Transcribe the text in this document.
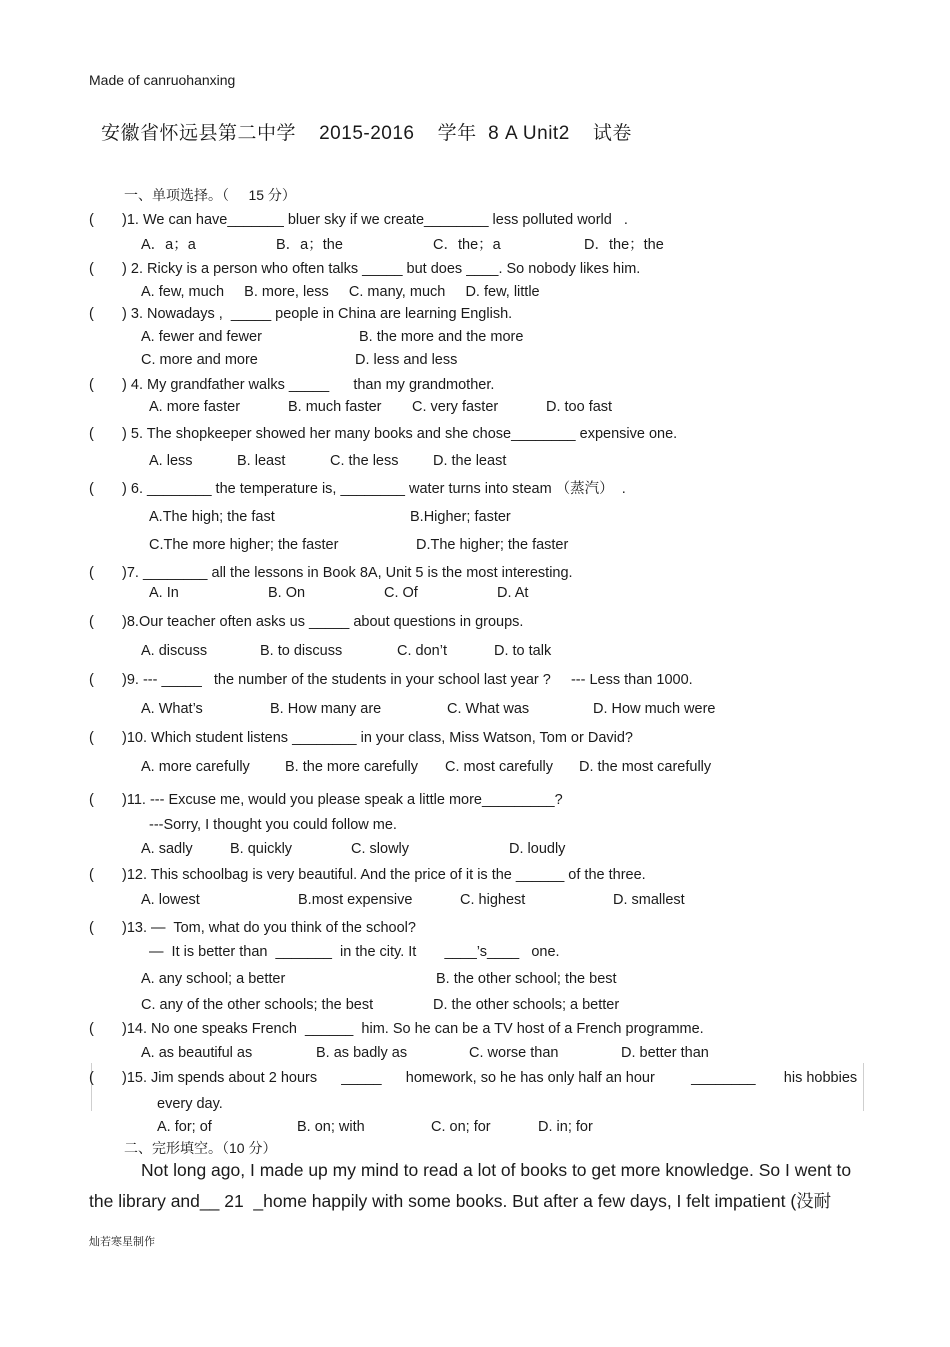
Made of canruohanxing
安徽省怀远县第二中学    2015-2016    学年  8 A Unit2    试卷
一、单项选择。（     15 分）
(       )1. We can have_______ bluer sky if we create________ less polluted world   .
A．a；a	B．a；the	C．the；a	D．the；the
(       ) 2. Ricky is a person who often talks _____ but does ____. So nobody likes him.
A. few, much     B. more, less     C. many, much     D. few, little
(       ) 3. Nowadays ,  _____ people in China are learning English.
A. fewer and fewer	B. the more and the more
C. more and more	D. less and less
(       ) 4. My grandfather walks _____      than my grandmother.
A. more faster	B. much faster C. very faster	D. too fast
(       ) 5. The shopkeeper showed her many books and she chose________ expensive one.
A. less	B. least	C. the less D. the least
(       ) 6. ________ the temperature is, ________ water turns into steam （蒸汽）  .
A.The high; the fast	B.Higher; faster
C.The more higher; the faster	D.The higher; the faster
(       )7. ________ all the lessons in Book 8A, Unit 5 is the most interesting.
A. In	B. On	C. Of	D. At
(       )8.Our teacher often asks us _____ about questions in groups.
A. discuss	B. to discuss	C. don’t	D. to talk
(       )9. --- _____   the number of the students in your school last year ?     --- Less than 1000.
A. What’s	B. How many are	C. What was	D. How much were
(       )10. Which student listens ________ in your class, Miss Watson, Tom or David?
A. more carefully B. the more carefully C. most carefully D. the most carefully
(       )11. --- Excuse me, would you please speak a little more_________?
---Sorry, I thought you could follow me.
A. sadly	B. quickly	C. slowly	D. loudly
(       )12. This schoolbag is very beautiful. And the price of it is the ______ of the three.
A. lowest	B.most expensive	C. highest	D. smallest
(       )13. —  Tom, what do you think of the school?
—  It is better than  _______  in the city. It       ____’s____   one.
A. any school; a better	B. the other school; the best
C. any of the other schools; the best	D. the other schools; a better
(       )14. No one speaks French  ______  him. So he can be a TV host of a French programme.
A. as beautiful as	B. as badly as	C. worse than	D. better than
(       )15. Jim spends about 2 hours      _____      homework, so he has only half an hour         ________       his hobbies
every day.
A. for; of	B. on; with	C. on; for	D. in; for
二、完形填空。（10 分）
Not long ago, I made up my mind to read a lot of books to get more knowledge. So I went to
the library and__ 21  _home happily with some books. But after a few days, I felt impatient (没耐
灿若寒星制作
